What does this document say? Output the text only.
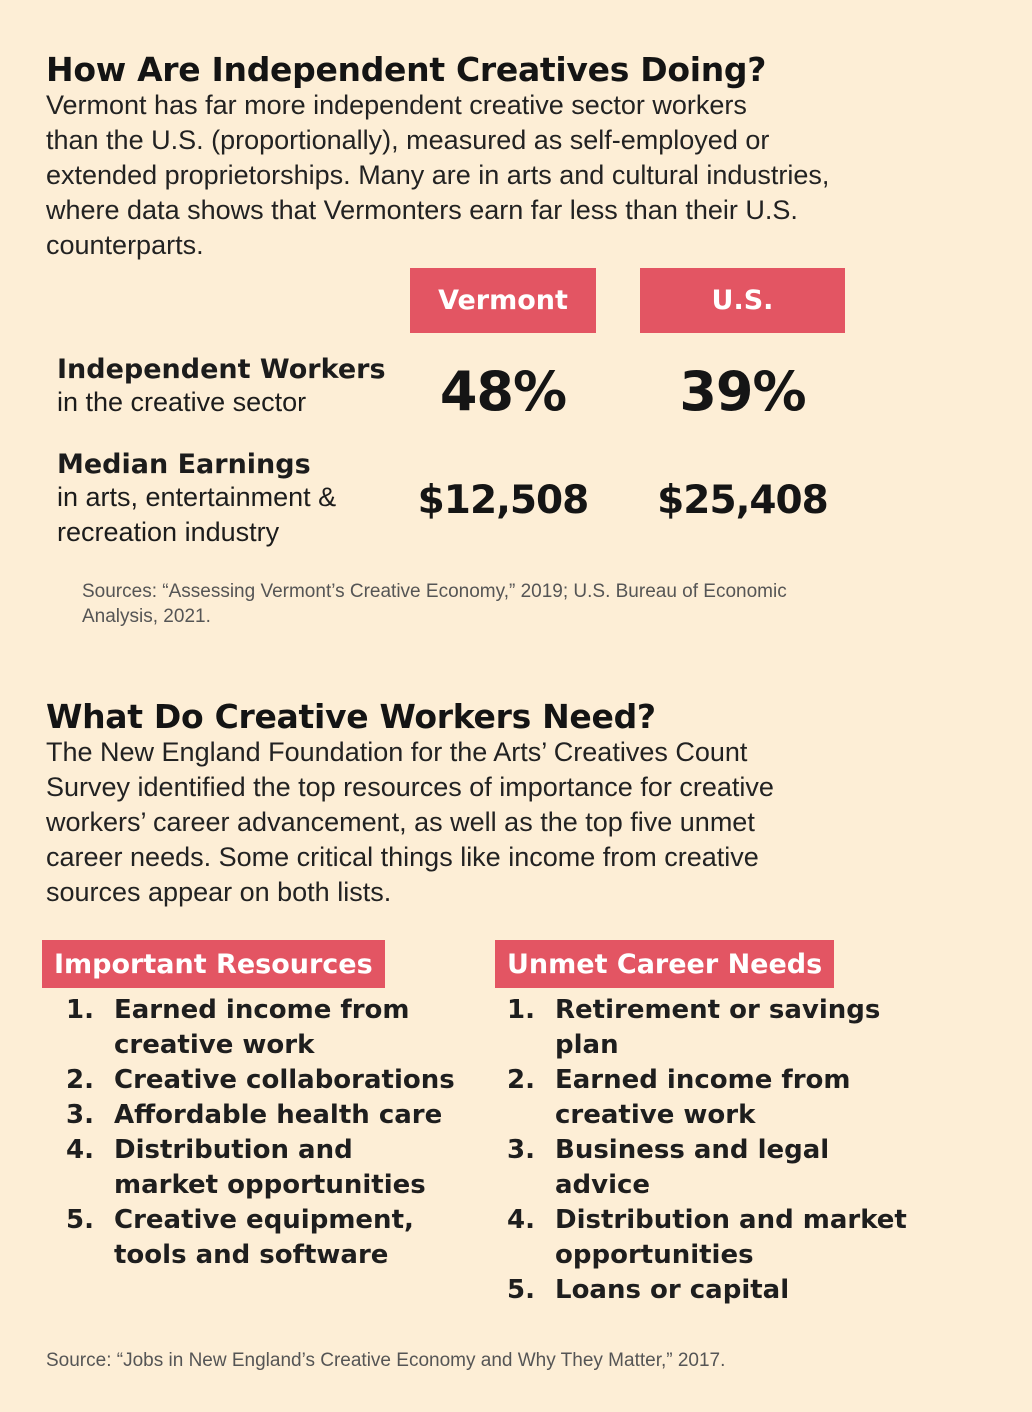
How Are Independent Creatives Doing?
Vermont has far more independent creative sector workers
than the U.S. (proportionally), measured as self-employed or
extended proprietorships. Many are in arts and cultural industries,
where data shows that Vermonters earn far less than their U.S.
counterparts.
Vermont	U.S.
Independent Workers
in the creative sector	48%	39%
Median Earnings
in arts, entertainment &
recreation industry
$12,508	$25,408
Sources: “Assessing Vermont’s Creative Economy,” 2019; U.S. Bureau of Economic
Analysis, 2021.
What Do Creative Workers Need?
The New England Foundation for the Arts’ Creatives Count
Survey identified the top resources of importance for creative
workers’ career advancement, as well as the top five unmet
career needs. Some critical things like income from creative
sources appear on both lists.
Important Resources
1. Earned income from
creative work
2. Creative collaborations
3. Affordable health care
4. Distribution and
market opportunities
5. Creative equipment,
tools and software
Unmet Career Needs
1. Retirement or savings
plan
2. Earned income from
creative work
3. Business and legal
advice
4. Distribution and market
opportunities
5. Loans or capital
Source: “Jobs in New England’s Creative Economy and Why They Matter,” 2017.
